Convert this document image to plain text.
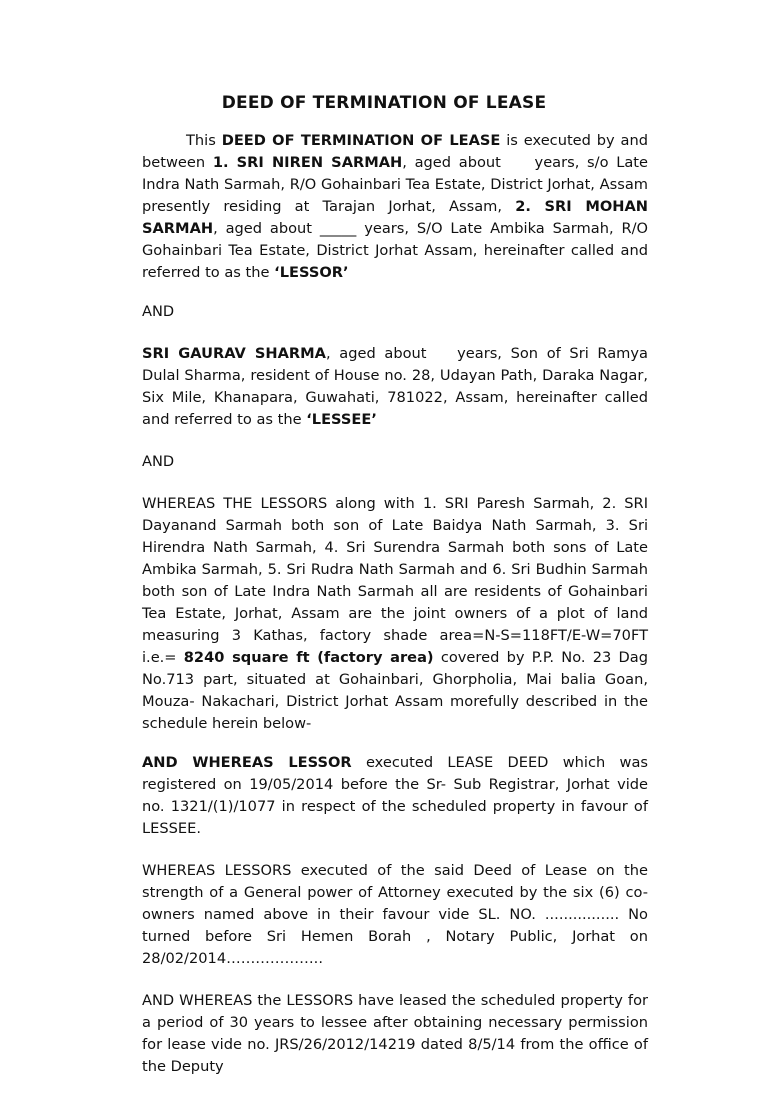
DEED OF TERMINATION OF LEASE

This DEED OF TERMINATION OF LEASE is executed by and between 1. SRI NIREN SARMAH, aged about years, s/o Late Indra Nath Sarmah, R/O Gohainbari Tea Estate, District Jorhat, Assam presently residing at Tarajan Jorhat, Assam, 2. SRI MOHAN SARMAH, aged about _____ years, S/O Late Ambika Sarmah, R/O Gohainbari Tea Estate, District Jorhat Assam, hereinafter called and referred to as the ‘LESSOR’

AND

SRI GAURAV SHARMA, aged about years, Son of Sri Ramya Dulal Sharma, resident of House no. 28, Udayan Path, Daraka Nagar, Six Mile, Khanapara, Guwahati, 781022, Assam, hereinafter called and referred to as the ‘LESSEE’

AND

WHEREAS THE LESSORS along with 1. SRI Paresh Sarmah, 2. SRI Dayanand Sarmah both son of Late Baidya Nath Sarmah, 3. Sri Hirendra Nath Sarmah, 4. Sri Surendra Sarmah both sons of Late Ambika Sarmah, 5. Sri Rudra Nath Sarmah and 6. Sri Budhin Sarmah both son of Late Indra Nath Sarmah all are residents of Gohainbari Tea Estate, Jorhat, Assam are the joint owners of a plot of land measuring 3 Kathas, factory shade area=N-S=118FT/E-W=70FT i.e.= 8240 square ft (factory area) covered by P.P. No. 23 Dag No.713 part, situated at Gohainbari, Ghorpholia, Mai balia Goan, Mouza- Nakachari, District Jorhat Assam morefully described in the schedule herein below-

AND WHEREAS LESSOR executed LEASE DEED which was registered on 19/05/2014 before the Sr- Sub Registrar, Jorhat vide no. 1321/(1)/1077 in respect of the scheduled property in favour of LESSEE.

WHEREAS LESSORS executed of the said Deed of Lease on the strength of a General power of Attorney executed by the six (6) co-owners named above in their favour vide SL. NO. ................ No turned before Sri Hemen Borah , Notary Public, Jorhat on 28/02/2014………………..

AND WHEREAS the LESSORS have leased the scheduled property for a period of 30 years to lessee after obtaining necessary permission for lease vide no. JRS/26/2012/14219 dated 8/5/14 from the office of the Deputy
